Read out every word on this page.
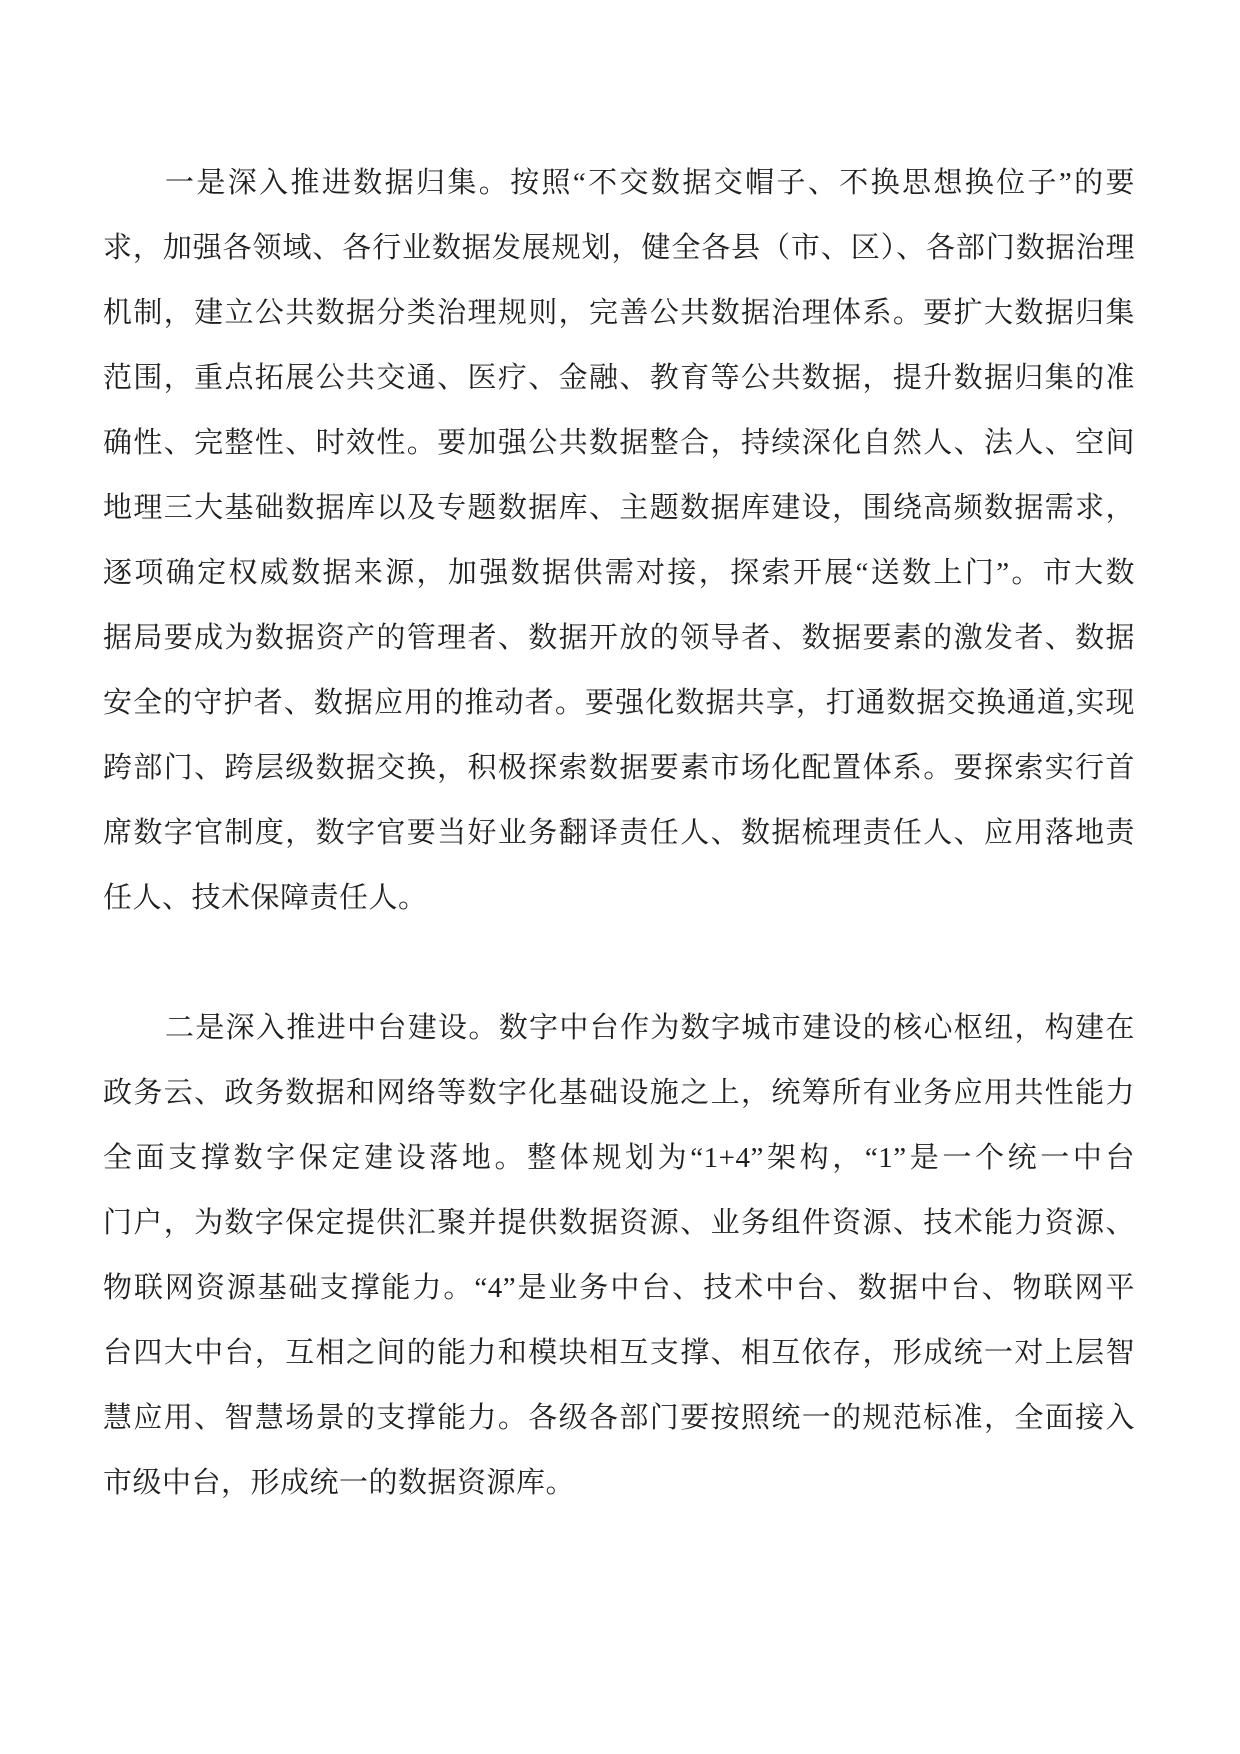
一是深入推进数据归集。按照“不交数据交帽子、不换思想换位子”的要
求，加强各领域、各行业数据发展规划，健全各县（市、区）、各部门数据治理
机制，建立公共数据分类治理规则，完善公共数据治理体系。要扩大数据归集
范围，重点拓展公共交通、医疗、金融、教育等公共数据，提升数据归集的准
确性、完整性、时效性。要加强公共数据整合，持续深化自然人、法人、空间
地理三大基础数据库以及专题数据库、主题数据库建设，围绕高频数据需求，
逐项确定权威数据来源，加强数据供需对接，探索开展“送数上门”。市大数
据局要成为数据资产的管理者、数据开放的领导者、数据要素的激发者、数据
安全的守护者、数据应用的推动者。要强化数据共享，打通数据交换通道,实现
跨部门、跨层级数据交换，积极探索数据要素市场化配置体系。要探索实行首
席数字官制度，数字官要当好业务翻译责任人、数据梳理责任人、应用落地责
任人、技术保障责任人。
二是深入推进中台建设。数字中台作为数字城市建设的核心枢纽，构建在
政务云、政务数据和网络等数字化基础设施之上，统筹所有业务应用共性能力
全面支撑数字保定建设落地。整体规划为“1+4”架构，“1”是一个统一中台
门户，为数字保定提供汇聚并提供数据资源、业务组件资源、技术能力资源、
物联网资源基础支撑能力。“4”是业务中台、技术中台、数据中台、物联网平
台四大中台，互相之间的能力和模块相互支撑、相互依存，形成统一对上层智
慧应用、智慧场景的支撑能力。各级各部门要按照统一的规范标准，全面接入
市级中台，形成统一的数据资源库。
